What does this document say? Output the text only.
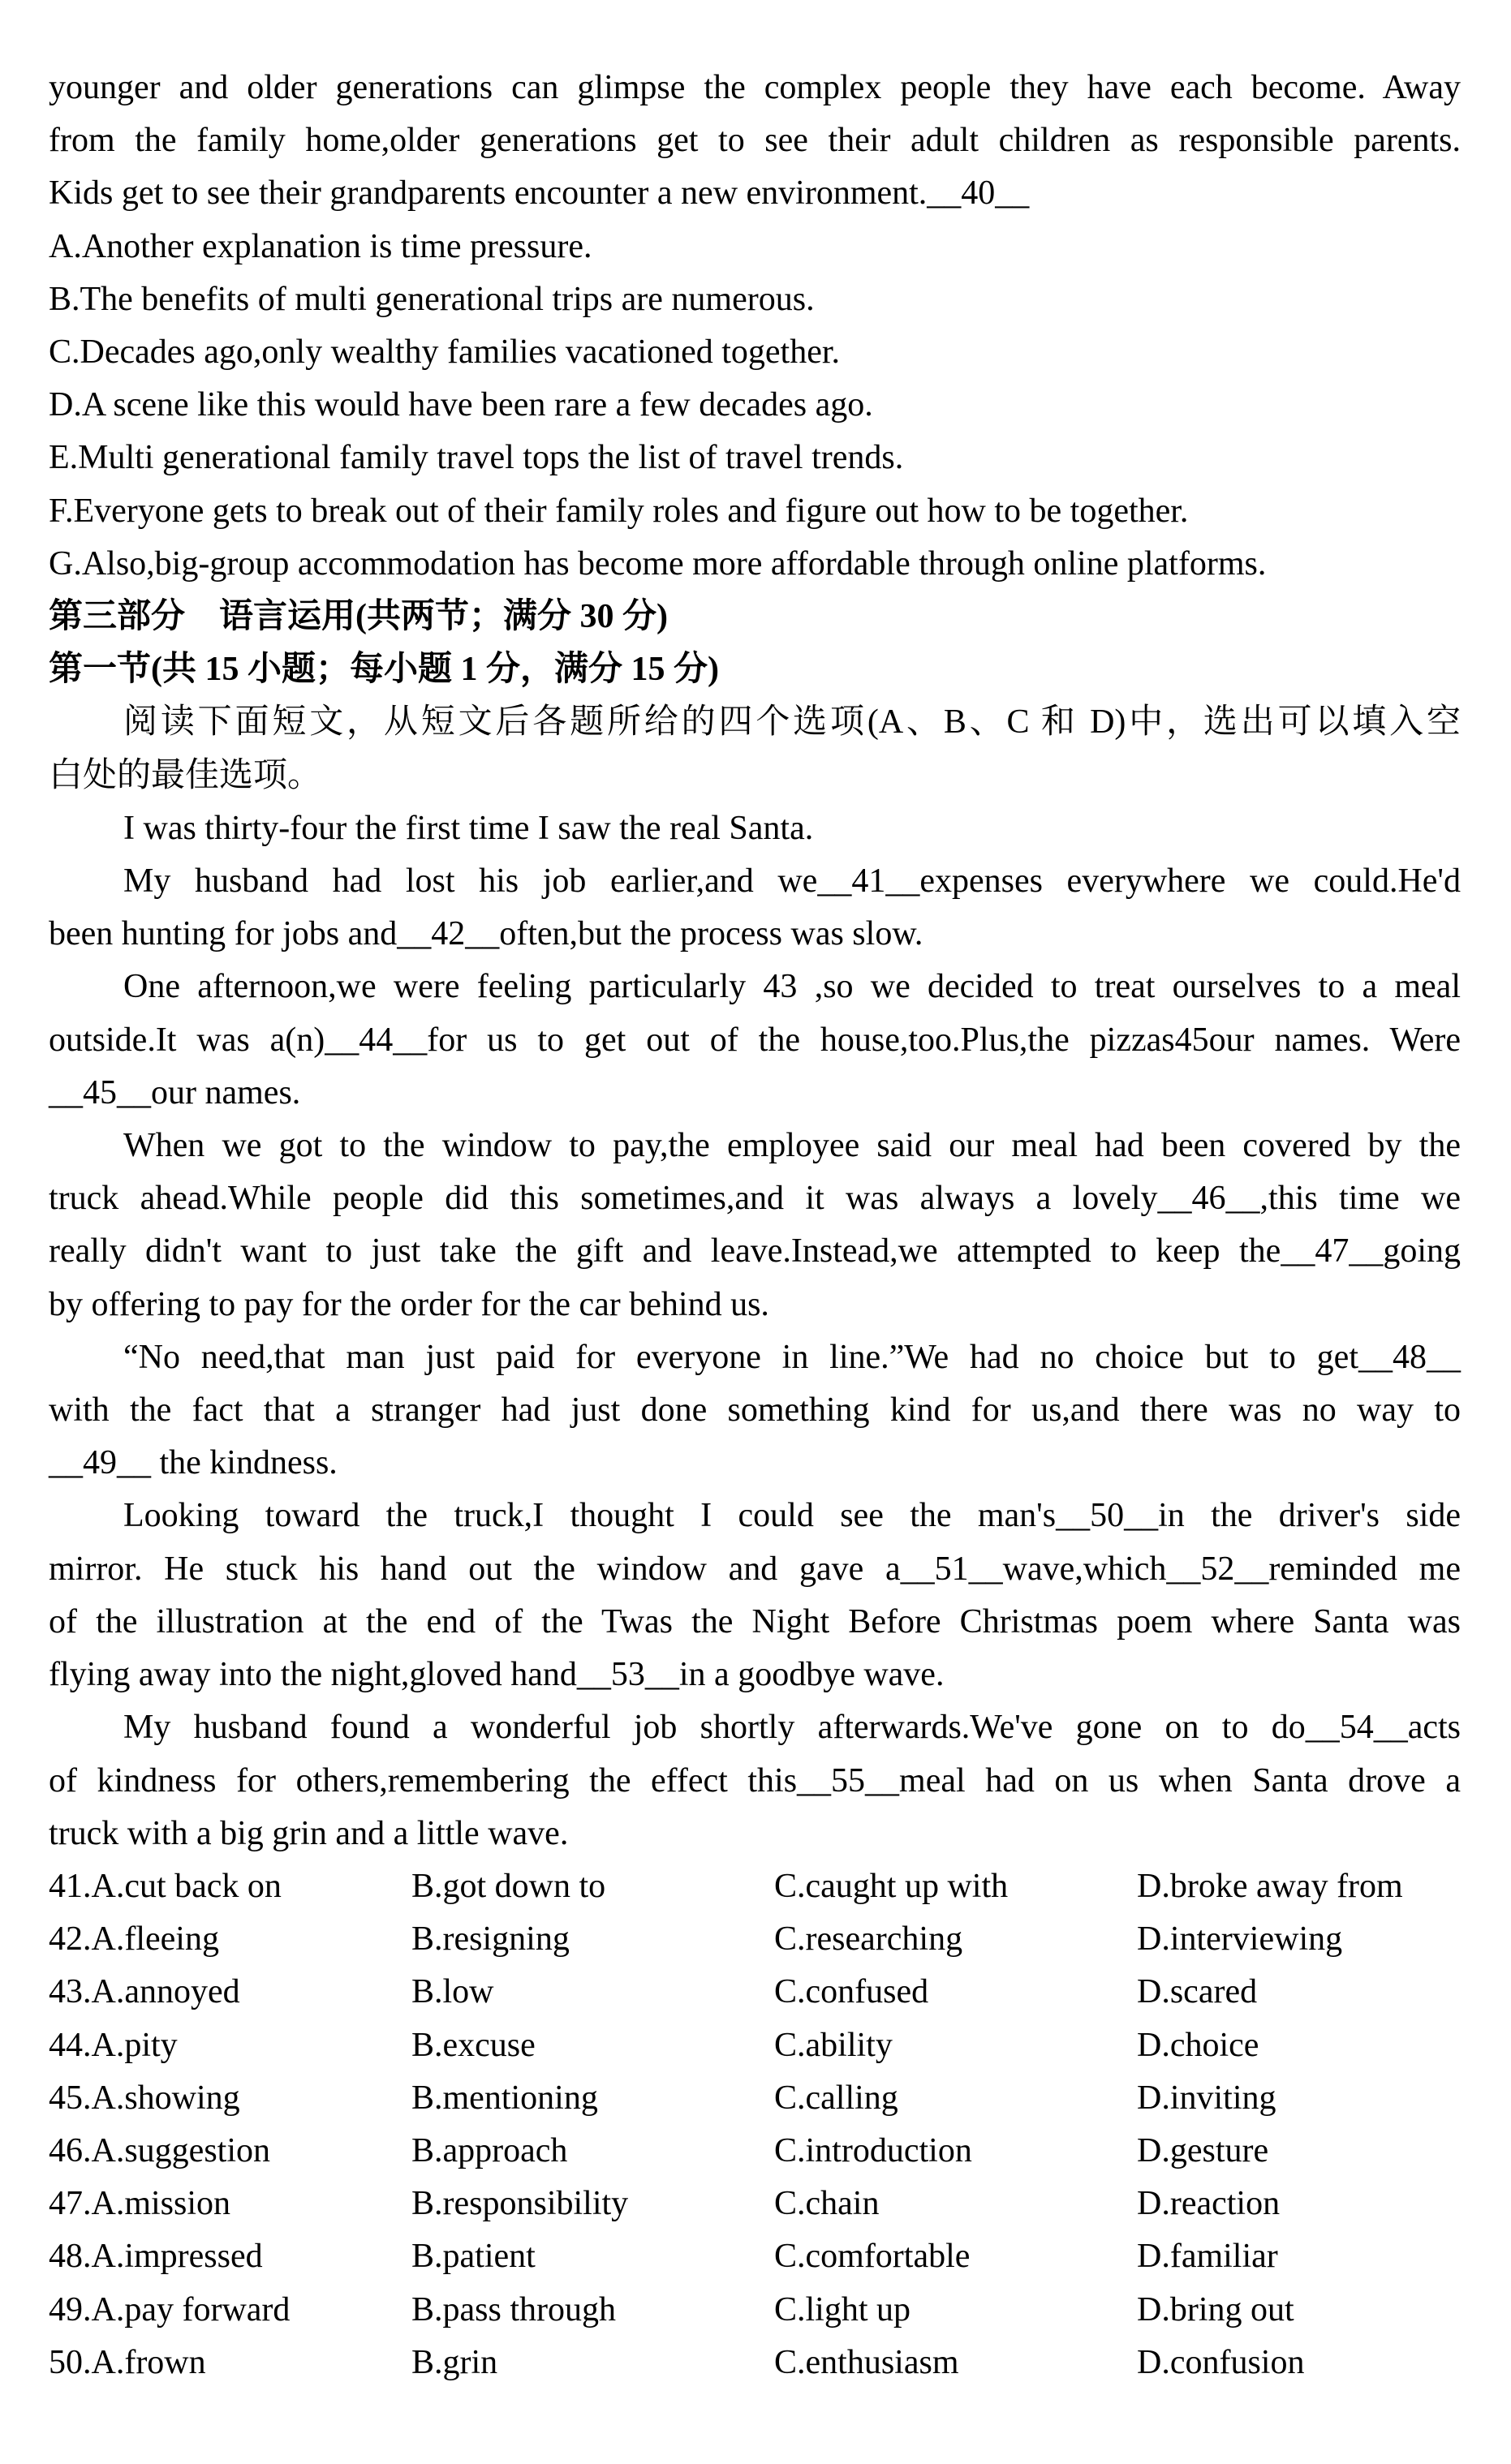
younger and older generations can glimpse the complex people they have each become. Away
from the family home,older generations get to see their adult children as responsible parents.
Kids get to see their grandparents encounter a new environment.__40__
A.Another explanation is time pressure.
B.The benefits of multi generational trips are numerous.
C.Decades ago,only wealthy families vacationed together.
D.A scene like this would have been rare a few decades ago.
E.Multi generational family travel tops the list of travel trends.
F.Everyone gets to break out of their family roles and figure out how to be together.
G.Also,big-group accommodation has become more affordable through online platforms.
第三部分　语言运用(共两节；满分 30 分)
第一节(共 15 小题；每小题 1 分，满分 15 分)
阅读下面短文，从短文后各题所给的四个选项(A、B、C 和 D)中，选出可以填入空
白处的最佳选项。
I was thirty-four the first time I saw the real Santa.
My husband had lost his job earlier,and we__41__expenses everywhere we could.He'd
been hunting for jobs and__42__often,but the process was slow.
One afternoon,we were feeling particularly 43 ,so we decided to treat ourselves to a meal
outside.It was a(n)__44__for us to get out of the house,too.Plus,the pizzas45our names. Were
__45__our names.
When we got to the window to pay,the employee said our meal had been covered by the
truck ahead.While people did this sometimes,and it was always a lovely__46__,this time we
really didn't want to just take the gift and leave.Instead,we attempted to keep the__47__going
by offering to pay for the order for the car behind us.
“No need,that man just paid for everyone in line.”We had no choice but to get__48__
with the fact that a stranger had just done something kind for us,and there was no way to
__49__ the kindness.
Looking toward the truck,I thought I could see the man's__50__in the driver's side
mirror. He stuck his hand out the window and gave a__51__wave,which__52__reminded me
of the illustration at the end of the Twas the Night Before Christmas poem where Santa was
flying away into the night,gloved hand__53__in a goodbye wave.
My husband found a wonderful job shortly afterwards.We've gone on to do__54__acts
of kindness for others,remembering the effect this__55__meal had on us when Santa drove a
truck with a big grin and a little wave.
41.A.cut back on	B.got down to	C.caught up with	D.broke away from
42.A.fleeing	B.resigning	C.researching	D.interviewing
43.A.annoyed	B.low	C.confused	D.scared
44.A.pity	B.excuse	C.ability	D.choice
45.A.showing	B.mentioning	C.calling	D.inviting
46.A.suggestion	B.approach	C.introduction	D.gesture
47.A.mission	B.responsibility	C.chain	D.reaction
48.A.impressed	B.patient	C.comfortable	D.familiar
49.A.pay forward	B.pass through	C.light up	D.bring out
50.A.frown	B.grin	C.enthusiasm	D.confusion
